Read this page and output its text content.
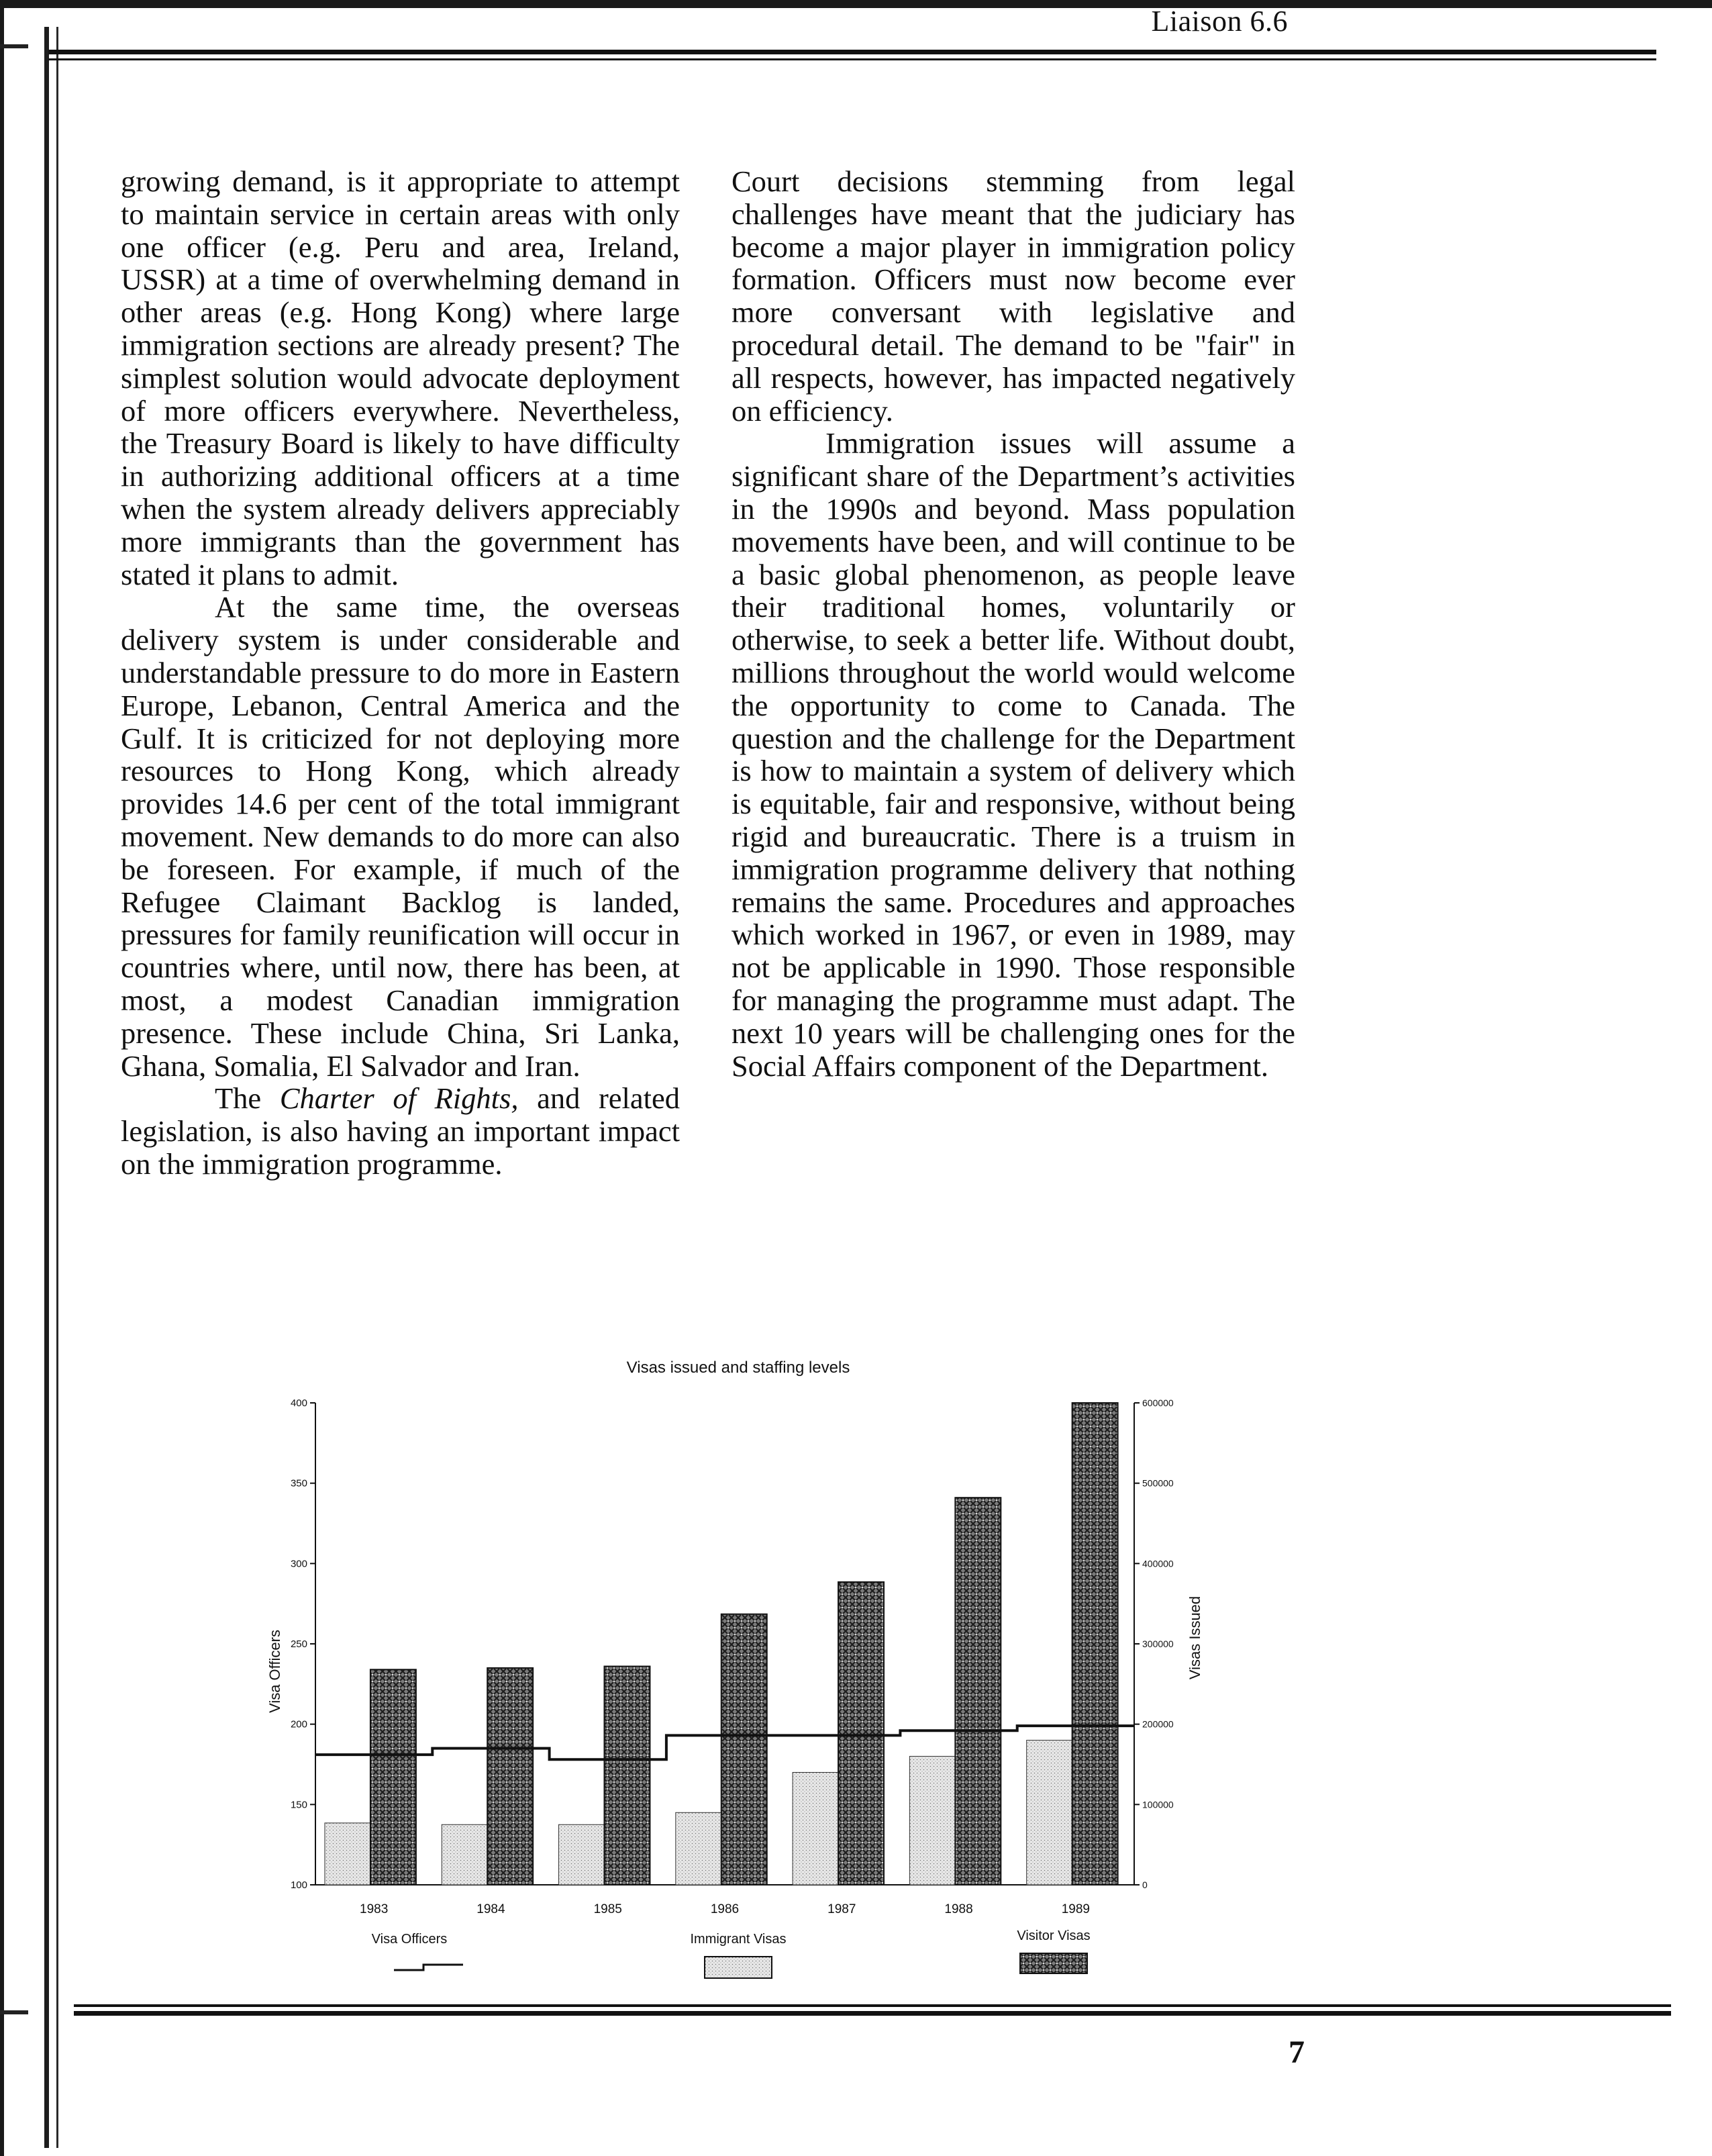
Liaison 6.6

growing demand, is it appropriate to attempt to maintain service in certain areas with only one officer (e.g. Peru and area, Ireland, USSR) at a time of overwhelming demand in other areas (e.g. Hong Kong) where large immigration sections are already present? The simplest solution would advocate deployment of more officers everywhere. Nevertheless, the Treasury Board is likely to have difficulty in authorizing additional officers at a time when the system already delivers appreciably more immigrants than the government has stated it plans to admit.

At the same time, the overseas delivery system is under considerable and understandable pressure to do more in Eastern Europe, Lebanon, Central America and the Gulf. It is criticized for not deploying more resources to Hong Kong, which already provides 14.6 per cent of the total immigrant movement. New demands to do more can also be foreseen. For example, if much of the Refugee Claimant Backlog is landed, pressures for family reunification will occur in countries where, until now, there has been, at most, a modest Canadian immigration presence. These include China, Sri Lanka, Ghana, Somalia, El Salvador and Iran.

The Charter of Rights, and related legislation, is also having an important impact on the immigration programme.

Court decisions stemming from legal challenges have meant that the judiciary has become a major player in immigration policy formation. Officers must now become ever more conversant with legislative and procedural detail. The demand to be "fair" in all respects, however, has impacted negatively on efficiency.

Immigration issues will assume a significant share of the Department’s activities in the 1990s and beyond. Mass population movements have been, and will continue to be a basic global phenomenon, as people leave their traditional homes, voluntarily or otherwise, to seek a better life. Without doubt, millions throughout the world would welcome the opportunity to come to Canada. The question and the challenge for the Department is how to maintain a system of delivery which is equitable, fair and responsive, without being rigid and bureaucratic. There is a truism in immigration programme delivery that nothing remains the same. Procedures and approaches which worked in 1967, or even in 1989, may not be applicable in 1990. Those responsible for managing the programme must adapt. The next 10 years will be challenging ones for the Social Affairs component of the Department.

Visas issued and staffing levels
Visa Officers	Visas Issued
100
150
200
250
300
350
400
0
100000
200000
300000
400000
500000
600000
1983	1984	1985	1986	1987	1988	1989
Visa Officers	Immigrant Visas	Visitor Visas
7
